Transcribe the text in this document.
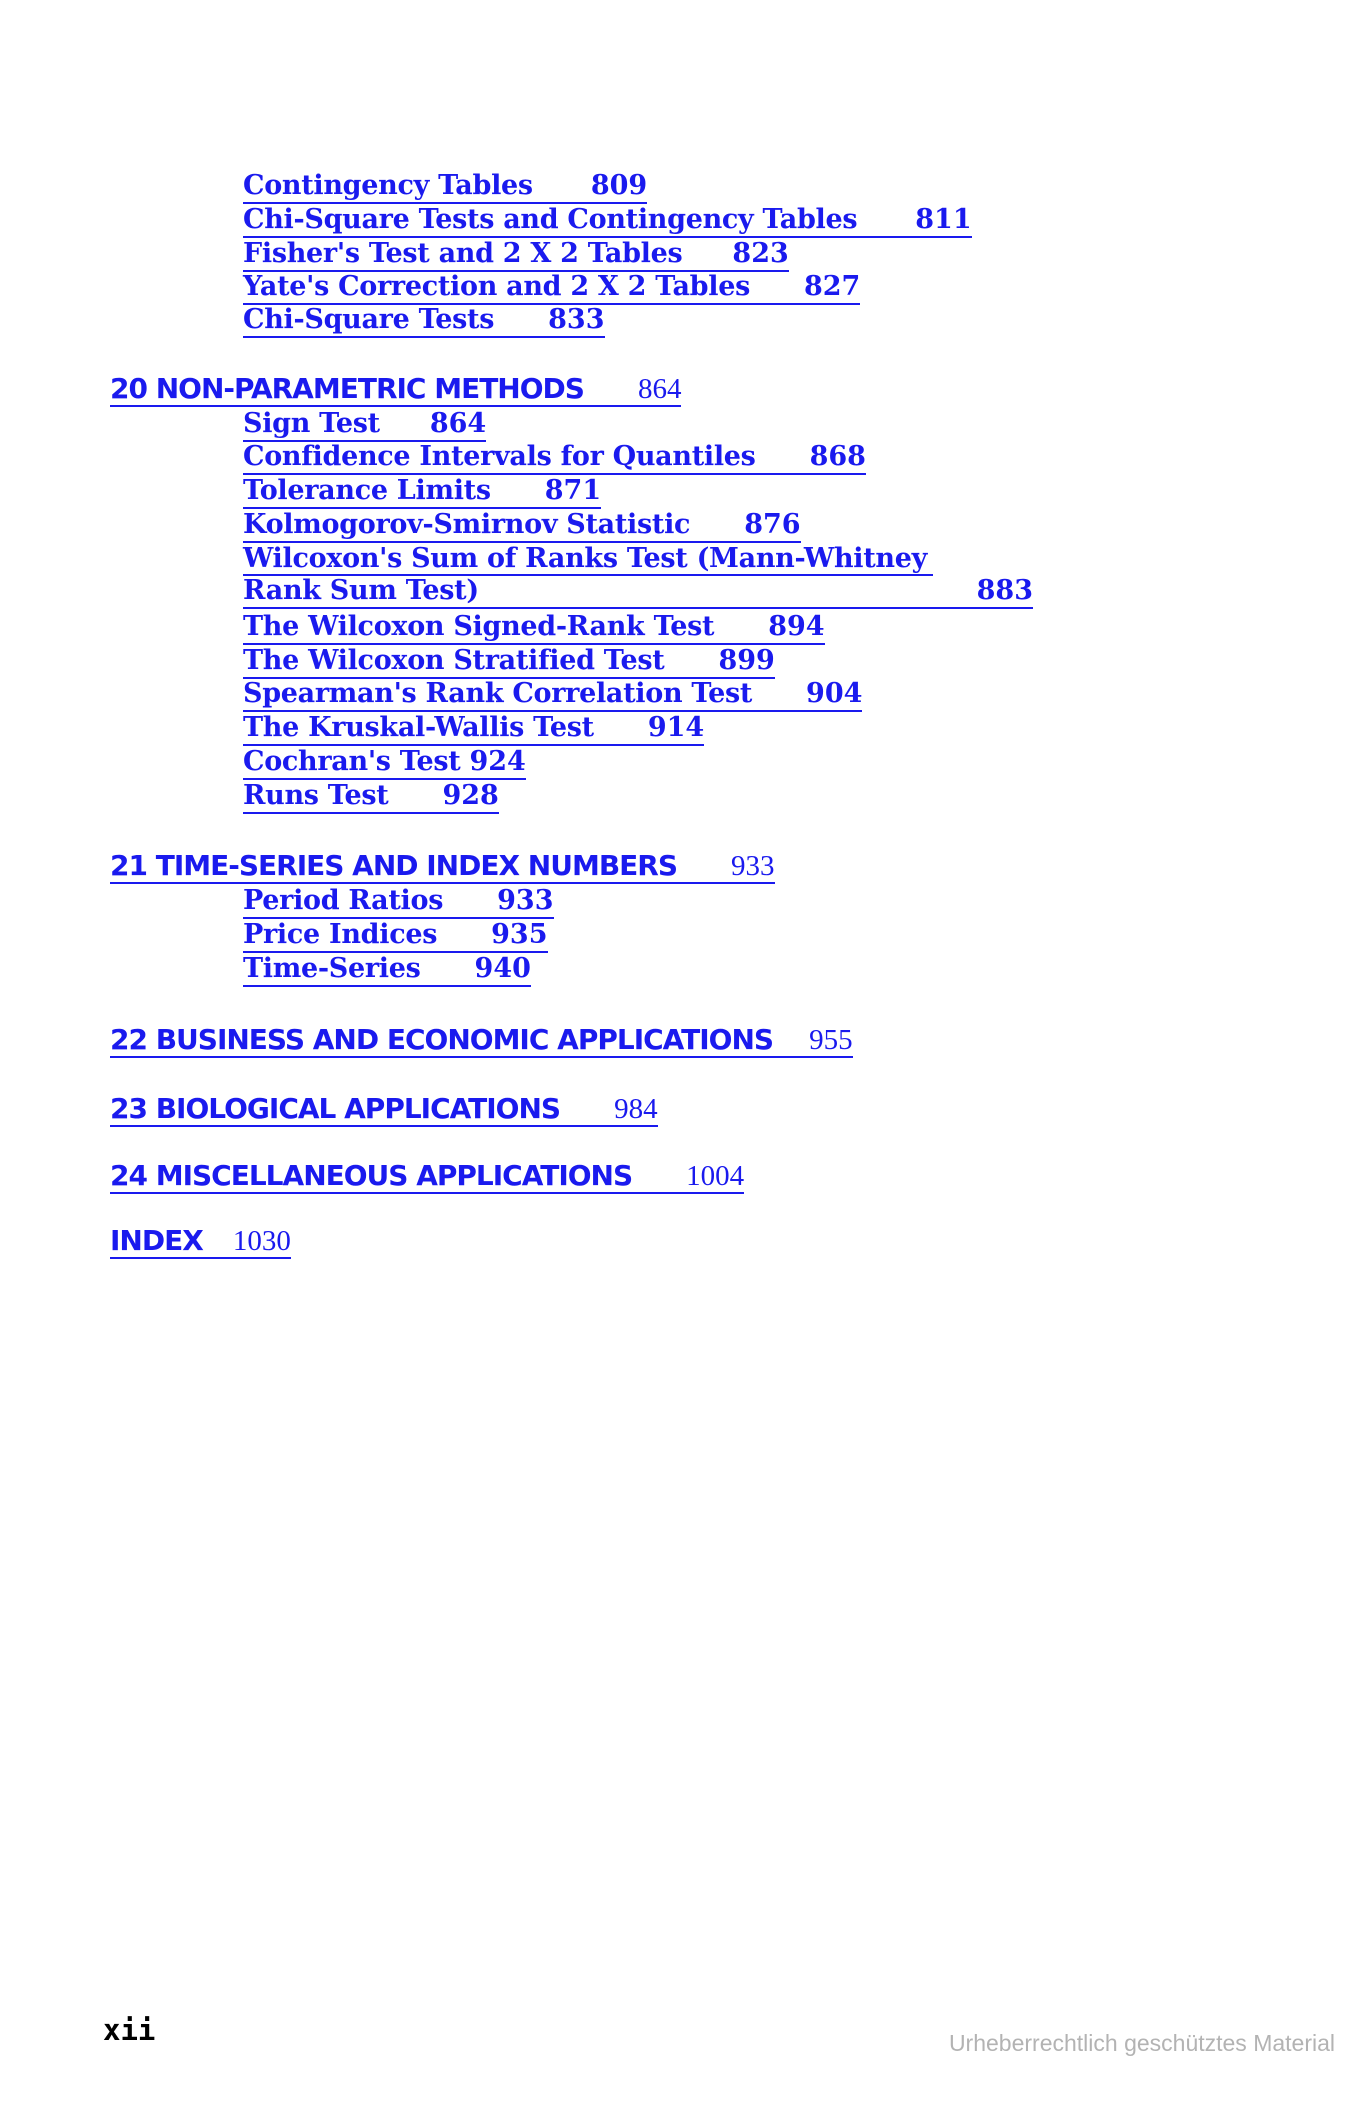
Contingency Tables 809
Chi-Square Tests and Contingency Tables 811
Fisher's Test and 2 X 2 Tables 823
Yate's Correction and 2 X 2 Tables 827
Chi-Square Tests 833
20 NON-PARAMETRIC METHODS 864
Sign Test 864
Confidence Intervals for Quantiles 868
Tolerance Limits 871
Kolmogorov-Smirnov Statistic 876
Wilcoxon's Sum of Ranks Test (Mann-Whitney
Rank Sum Test)	883
The Wilcoxon Signed-Rank Test 894
The Wilcoxon Stratified Test 899
Spearman's Rank Correlation Test 904
The Kruskal-Wallis Test 914
Cochran's Test 924
Runs Test 928
21 TIME-SERIES AND INDEX NUMBERS 933
Period Ratios 933
Price Indices 935
Time-Series 940
22 BUSINESS AND ECONOMIC APPLICATIONS 955
23 BIOLOGICAL APPLICATIONS 984
24 MISCELLANEOUS APPLICATIONS 1004
INDEX 1030
xii	Urheberrechtlich geschütztes Material
